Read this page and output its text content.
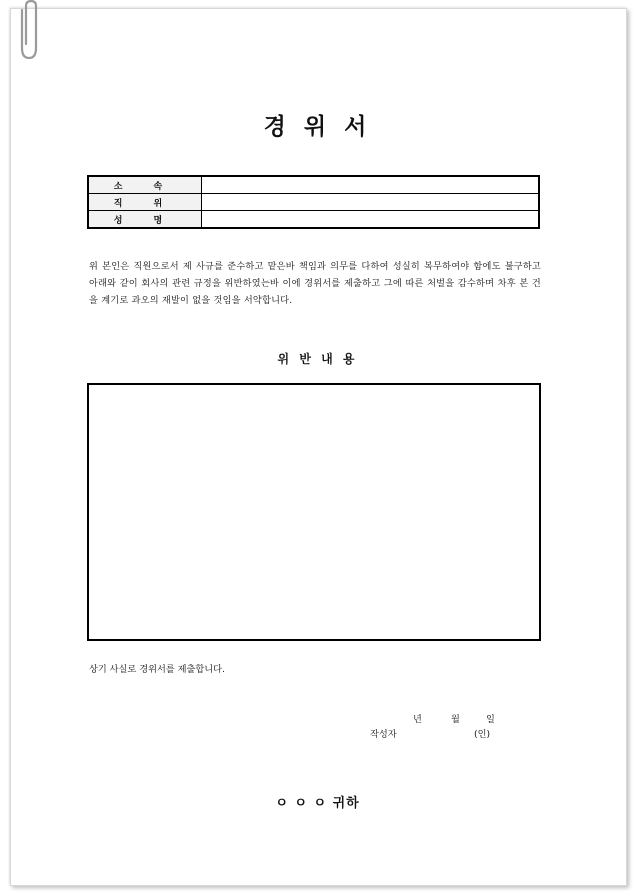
경 위 서
소 속	
직 위	
성 명	
위 본인은 직원으로서 제 사규를 준수하고 맡은바 책임과 의무를 다하여 성실히 복무하여야 함에도 불구하고 아래와 같이 회사의 관련 규정을 위반하였는바 이에 경위서를 제출하고 그에 따른 처벌을 감수하며 차후 본 건을 계기로 과오의 재발이 없을 것임을 서약합니다.
위 반 내 용
상기 사실로 경위서를 제출합니다.
년	월	일
작성자	(인)
ㅇ ㅇ ㅇ 귀하
